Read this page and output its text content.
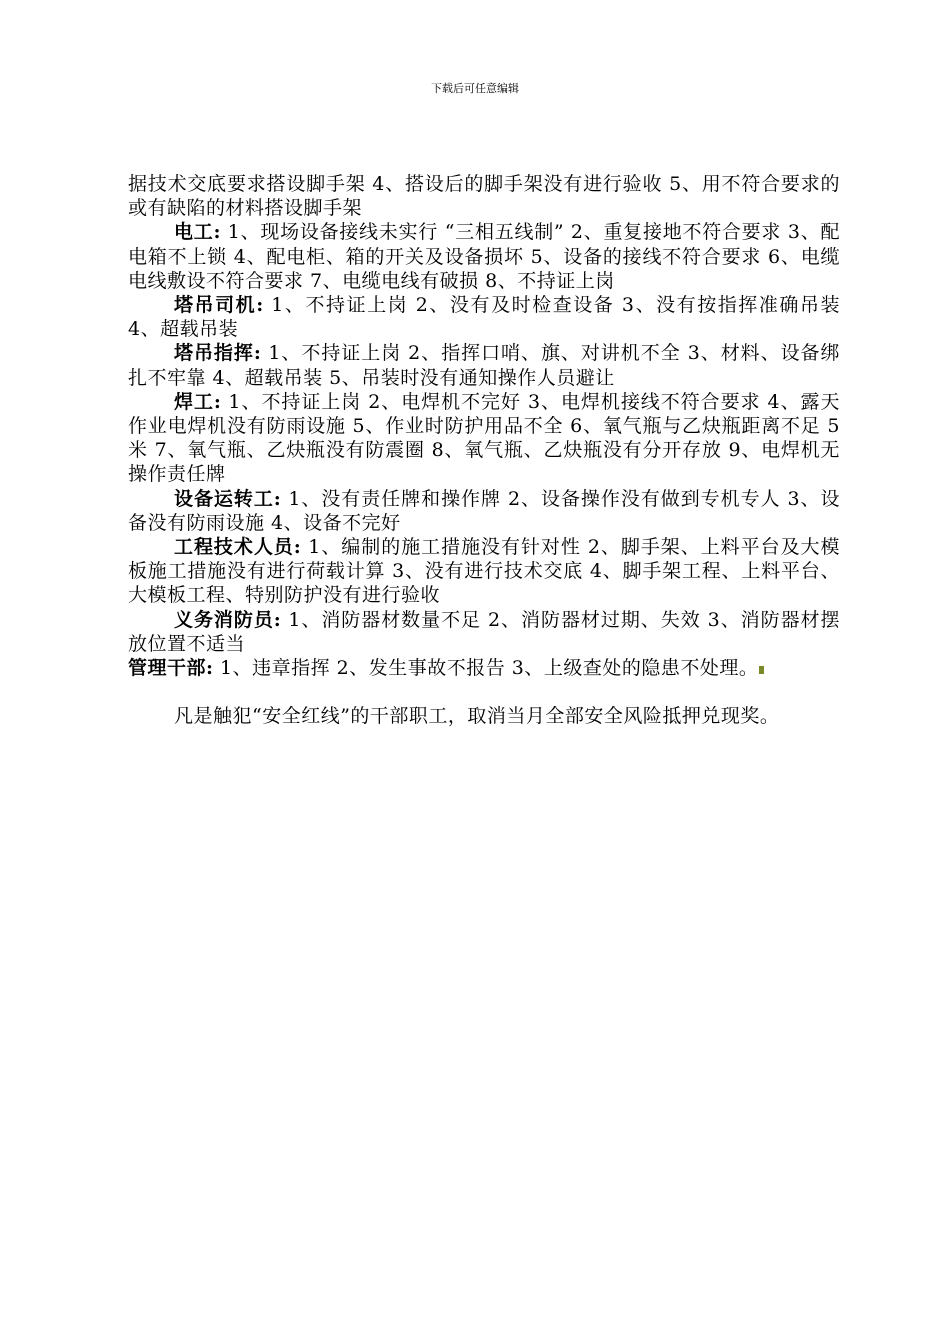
下载后可任意编辑

据技术交底要求搭设脚手架 4、搭设后的脚手架没有进行验收 5、用不符合要求的或有缺陷的材料搭设脚手架

电工: 1、现场设备接线未实行 “三相五线制” 2、重复接地不符合要求 3、配电箱不上锁 4、配电柜、箱的开关及设备损坏 5、设备的接线不符合要求 6、电缆电线敷设不符合要求 7、电缆电线有破损 8、不持证上岗

塔吊司机: 1、不持证上岗 2、没有及时检查设备 3、没有按指挥准确吊装 4、超载吊装

塔吊指挥: 1、不持证上岗 2、指挥口哨、旗、对讲机不全 3、材料、设备绑扎不牢靠 4、超载吊装 5、吊装时没有通知操作人员避让

焊工: 1、不持证上岗 2、电焊机不完好 3、电焊机接线不符合要求 4、露天作业电焊机没有防雨设施 5、作业时防护用品不全 6、氧气瓶与乙炔瓶距离不足 5 米 7、氧气瓶、乙炔瓶没有防震圈 8、氧气瓶、乙炔瓶没有分开存放 9、电焊机无操作责任牌

设备运转工: 1、没有责任牌和操作牌 2、设备操作没有做到专机专人 3、设备没有防雨设施 4、设备不完好

工程技术人员: 1、编制的施工措施没有针对性 2、脚手架、上料平台及大模板施工措施没有进行荷载计算 3、没有进行技术交底 4、脚手架工程、上料平台、大模板工程、特别防护没有进行验收

义务消防员: 1、消防器材数量不足 2、消防器材过期、失效 3、消防器材摆放位置不适当

管理干部: 1、违章指挥 2、发生事故不报告 3、上级查处的隐患不处理。

凡是触犯“安全红线”的干部职工，取消当月全部安全风险抵押兑现奖。
